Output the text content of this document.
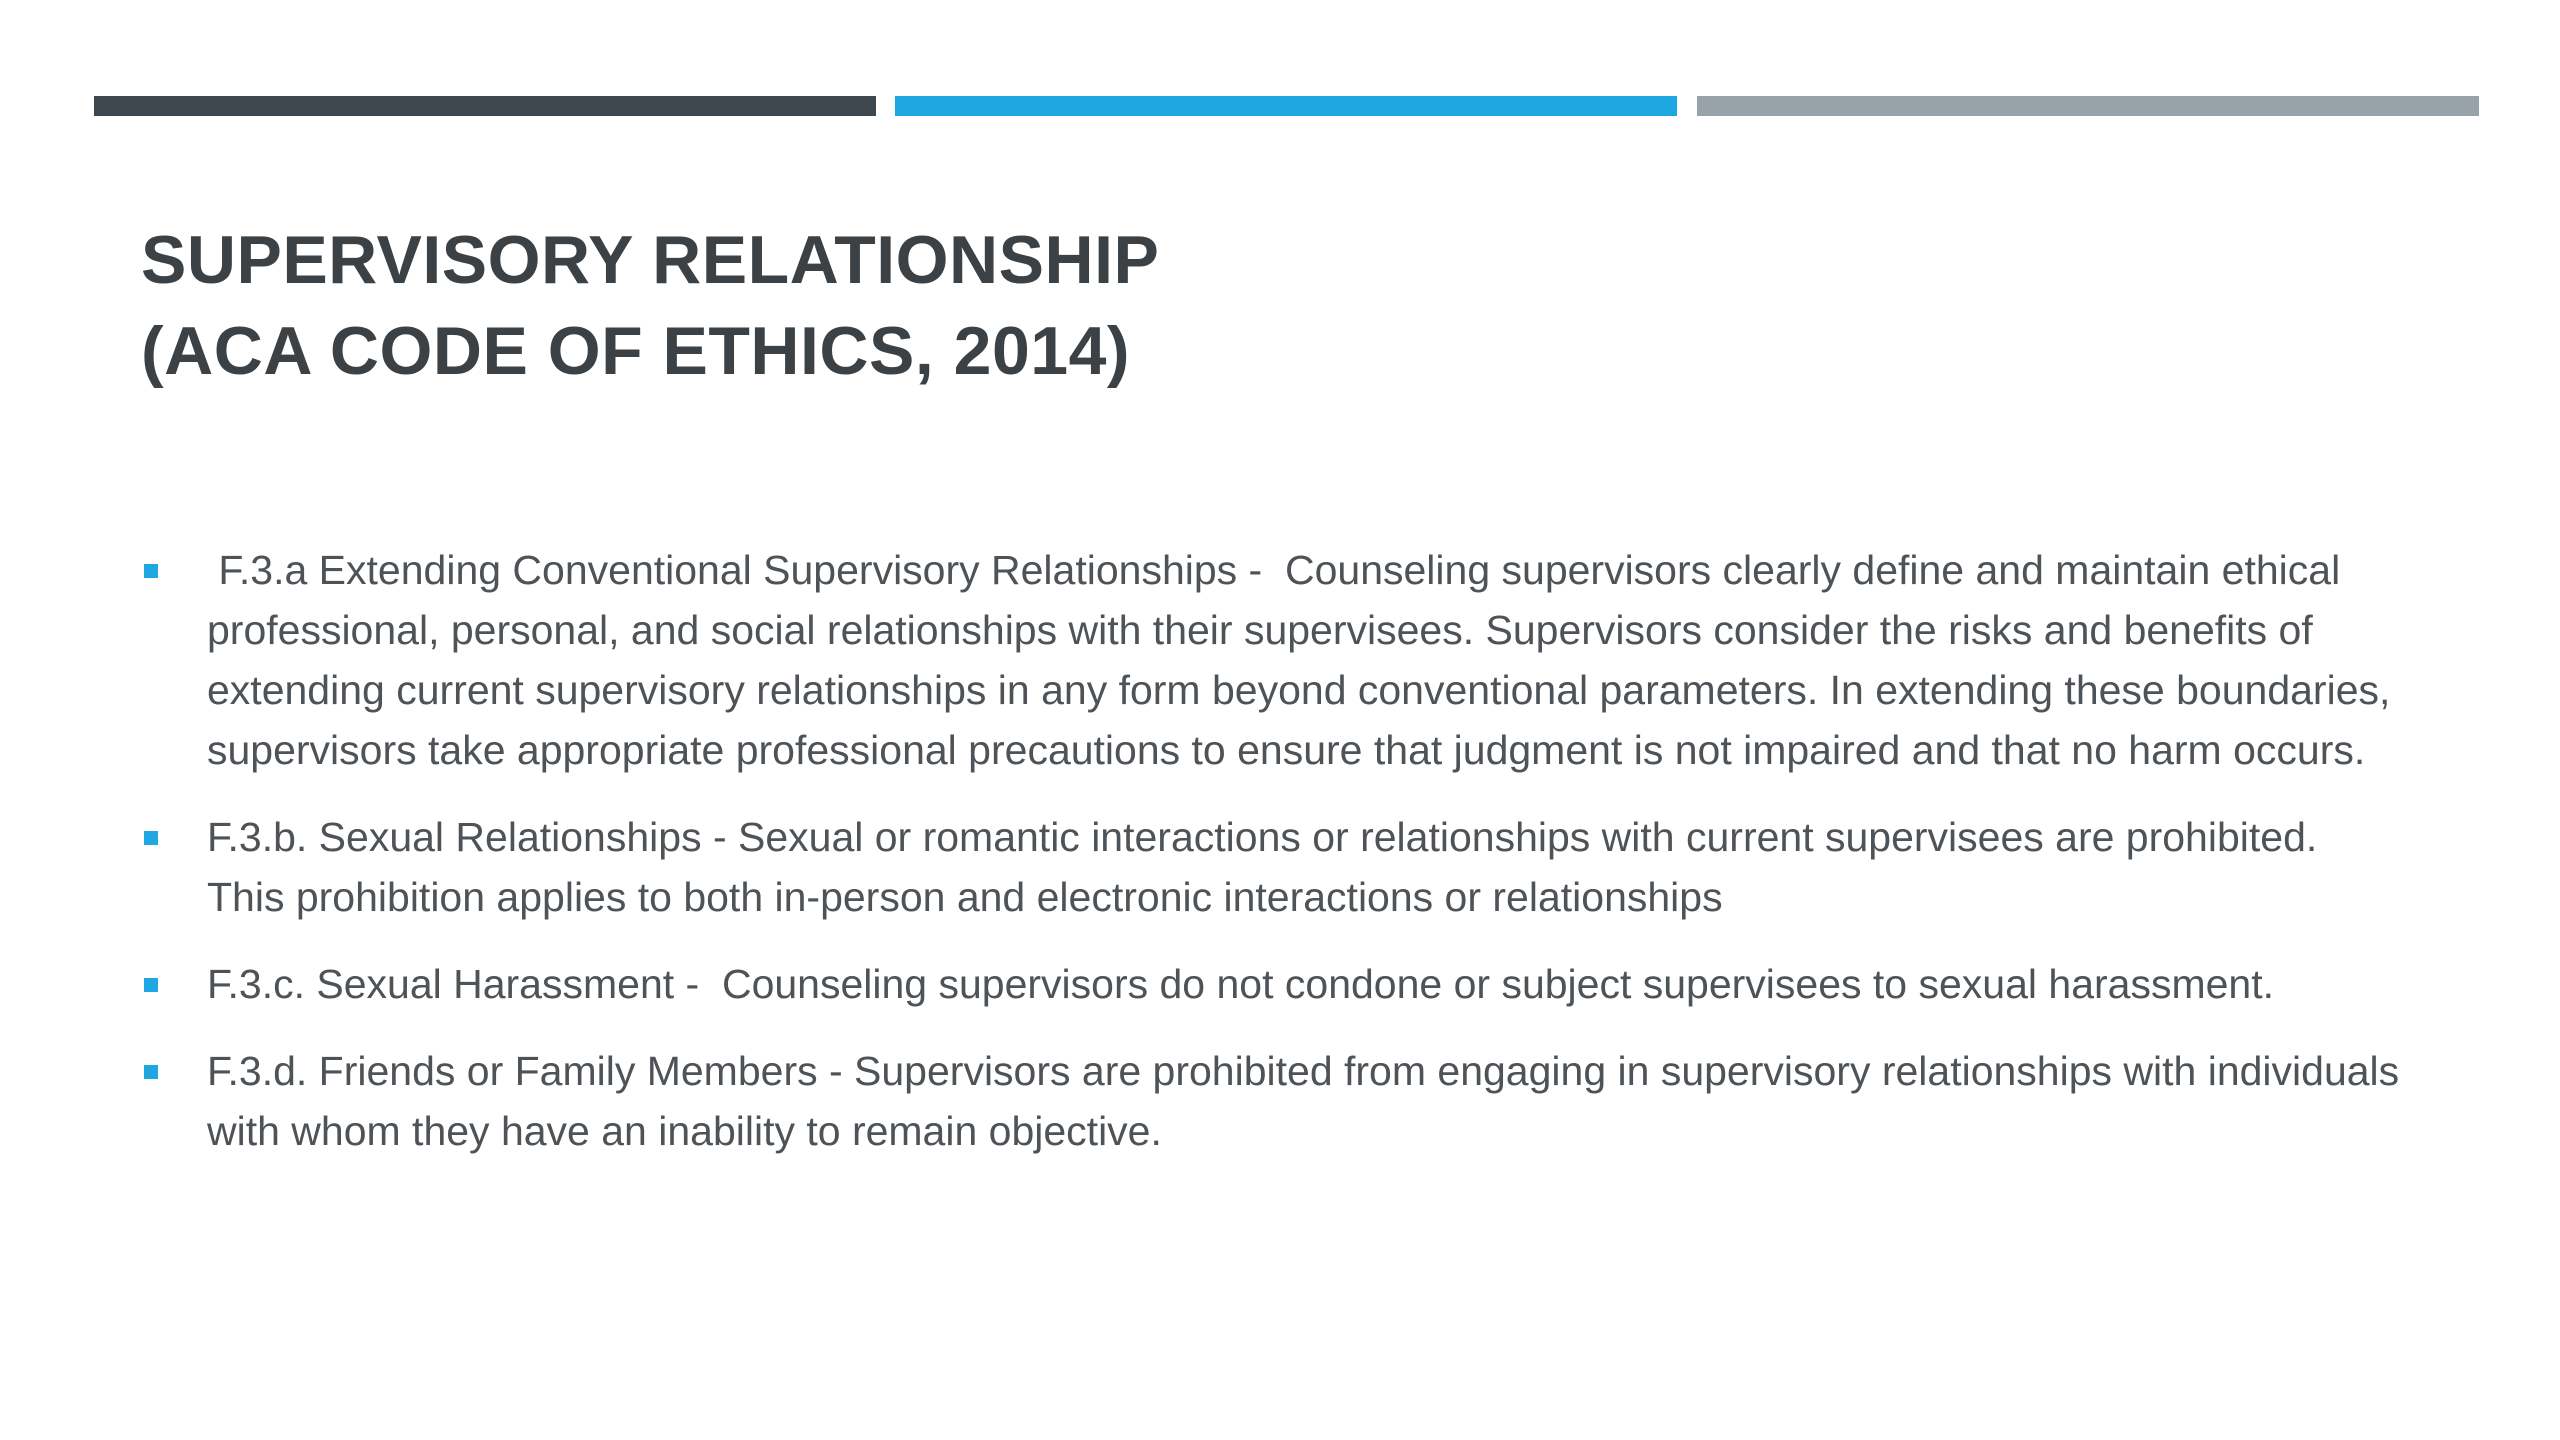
SUPERVISORY RELATIONSHIP
(ACA CODE OF ETHICS, 2014)
F.3.a Extending Conventional Supervisory Relationships -  Counseling supervisors clearly define and maintain ethical professional, personal, and social relationships with their supervisees. Supervisors consider the risks and benefits of extending current supervisory relationships in any form beyond conventional parameters. In extending these boundaries, supervisors take appropriate professional precautions to ensure that judgment is not impaired and that no harm occurs.
F.3.b. Sexual Relationships - Sexual or romantic interactions or relationships with current supervisees are prohibited. This prohibition applies to both in-person and electronic interactions or relationships
F.3.c. Sexual Harassment -  Counseling supervisors do not condone or subject supervisees to sexual harassment.
F.3.d. Friends or Family Members - Supervisors are prohibited from engaging in supervisory relationships with individuals with whom they have an inability to remain objective.
